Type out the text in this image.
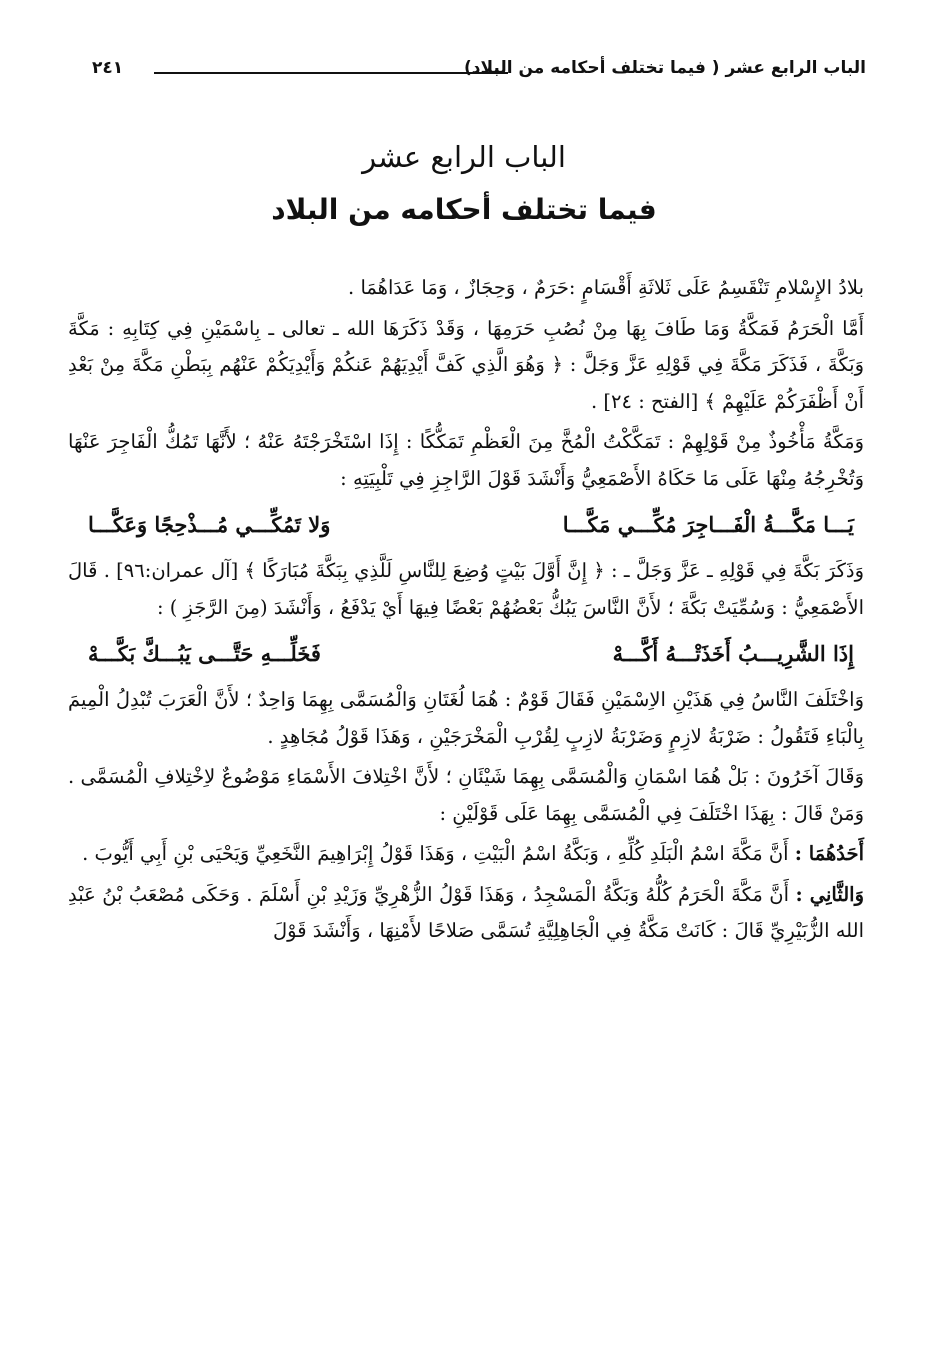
الباب الرابع عشر ( فيما تختلف أحكامه من البلاد)
٢٤١
الباب الرابع عشر
فيما تختلف أحكامه من البلاد

بلادُ الإِسْلامِ تَنْقَسِمُ عَلَى ثَلاثَةِ أَقْسَامٍ :حَرَمٌ ، وَحِجَازٌ ، وَمَا عَدَاهُمَا .

أَمَّا الْحَرَمُ فَمَكَّةُ وَمَا طَافَ بِهَا مِنْ نُصُبِ حَرَمِهَا ، وَقَدْ ذَكَرَهَا الله ـ تعالى ـ بِاسْمَيْنِ فِي كِتَابِهِ : مَكَّةَ وَبَكَّةَ ، فَذَكَرَ مَكَّةَ فِي قَوْلِهِ عَزَّ وَجَلَّ : ﴿ وَهُوَ الَّذِي كَفَّ أَيْدِيَهُمْ عَنكُمْ وَأَيْدِيَكُمْ عَنْهُم بِبَطْنِ مَكَّةَ مِنْ بَعْدِ أَنْ أَظْفَرَكُمْ عَلَيْهِمْ ﴾ [الفتح : ٢٤] .

وَمَكَّةُ مَأْخُوذٌ مِنْ قَوْلِهِمْ : تَمَكَّكْتُ الْمُخَّ مِنَ الْعَظْمِ تَمَكُّكًا : إِذَا اسْتَخْرَجْتَهُ عَنْهُ ؛ لأَنَّهَا تَمُكُّ الْفَاجِرَ عَنْهَا وَتُخْرِجُهُ مِنْهَا عَلَى مَا حَكَاهُ الأَصْمَعِيُّ وَأَنْشَدَ قَوْلَ الرَّاجِزِ فِي تَلْبِيَتِهِ :

يَـــا مَكَّـــةُ الْفَـــاجِرَ مُكِّـــي مَكَّـــا
وَلا تَمُكِّـــي مُـــذْحِجًا وَعَكَّـــا

وَذَكَرَ بَكَّةَ فِي قَوْلِهِ ـ عَزَّ وَجَلَّ ـ : ﴿ إِنَّ أَوَّلَ بَيْتٍ وُضِعَ لِلنَّاسِ لَلَّذِي بِبَكَّةَ مُبَارَكًا ﴾ [آل عمران:٩٦] . قَالَ الأَصْمَعِيُّ : وَسُمِّيَتْ بَكَّةَ ؛ لأَنَّ النَّاسَ يَبُكُّ بَعْضُهُمْ بَعْضًا فِيهَا أَيْ يَدْفَعُ ، وَأَنْشَدَ (مِنَ الرَّجَزِ ) :

إِذَا الشَّرِيـــبُ أَخَذَتْـــهُ أَكَّـــهْ
فَخَلِّـــهِ حَتَّـــى يَبُـــكَّ بَكَّـــهْ

وَاخْتَلَفَ النَّاسُ فِي هَذَيْنِ الاِسْمَيْنِ فَقَالَ قَوْمٌ : هُمَا لُغَتَانِ وَالْمُسَمَّى بِهِمَا وَاحِدٌ ؛ لأَنَّ الْعَرَبَ تُبْدِلُ الْمِيمَ بِالْبَاءِ فَتَقُولُ : ضَرْبَةُ لازِمٍ وَضَرْبَةُ لازِبٍ لِقُرْبِ الْمَخْرَجَيْنِ ، وَهَذَا قَوْلُ مُجَاهِدٍ .

وَقَالَ آخَرُونَ : بَلْ هُمَا اسْمَانِ وَالْمُسَمَّى بِهِمَا شَيْئَانِ ؛ لأَنَّ اخْتِلافَ الأَسْمَاءِ مَوْضُوعٌ لاِخْتِلافِ الْمُسَمَّى . وَمَنْ قَالَ : بِهَذَا اخْتَلَفَ فِي الْمُسَمَّى بِهِمَا عَلَى قَوْلَيْنِ :

أَحَدُهُمَا : أَنَّ مَكَّةَ اسْمُ الْبَلَدِ كُلِّهِ ، وَبَكَّةُ اسْمُ الْبَيْتِ ، وَهَذَا قَوْلُ إِبْرَاهِيمَ النَّخَعِيِّ وَيَحْيَى بْنِ أَبِي أَيُّوبَ .

وَالثَّانِي : أَنَّ مَكَّةَ الْحَرَمُ كُلُّهُ وَبَكَّةُ الْمَسْجِدُ ، وَهَذَا قَوْلُ الزُّهْرِيِّ وَزَيْدِ بْنِ أَسْلَمَ . وَحَكَى مُصْعَبُ بْنُ عَبْدِ الله الزُّبَيْرِيِّ قَالَ : كَانَتْ مَكَّةُ فِي الْجَاهِلِيَّةِ تُسَمَّى صَلاحًا لأَمْنِهَا ، وَأَنْشَدَ قَوْلَ
